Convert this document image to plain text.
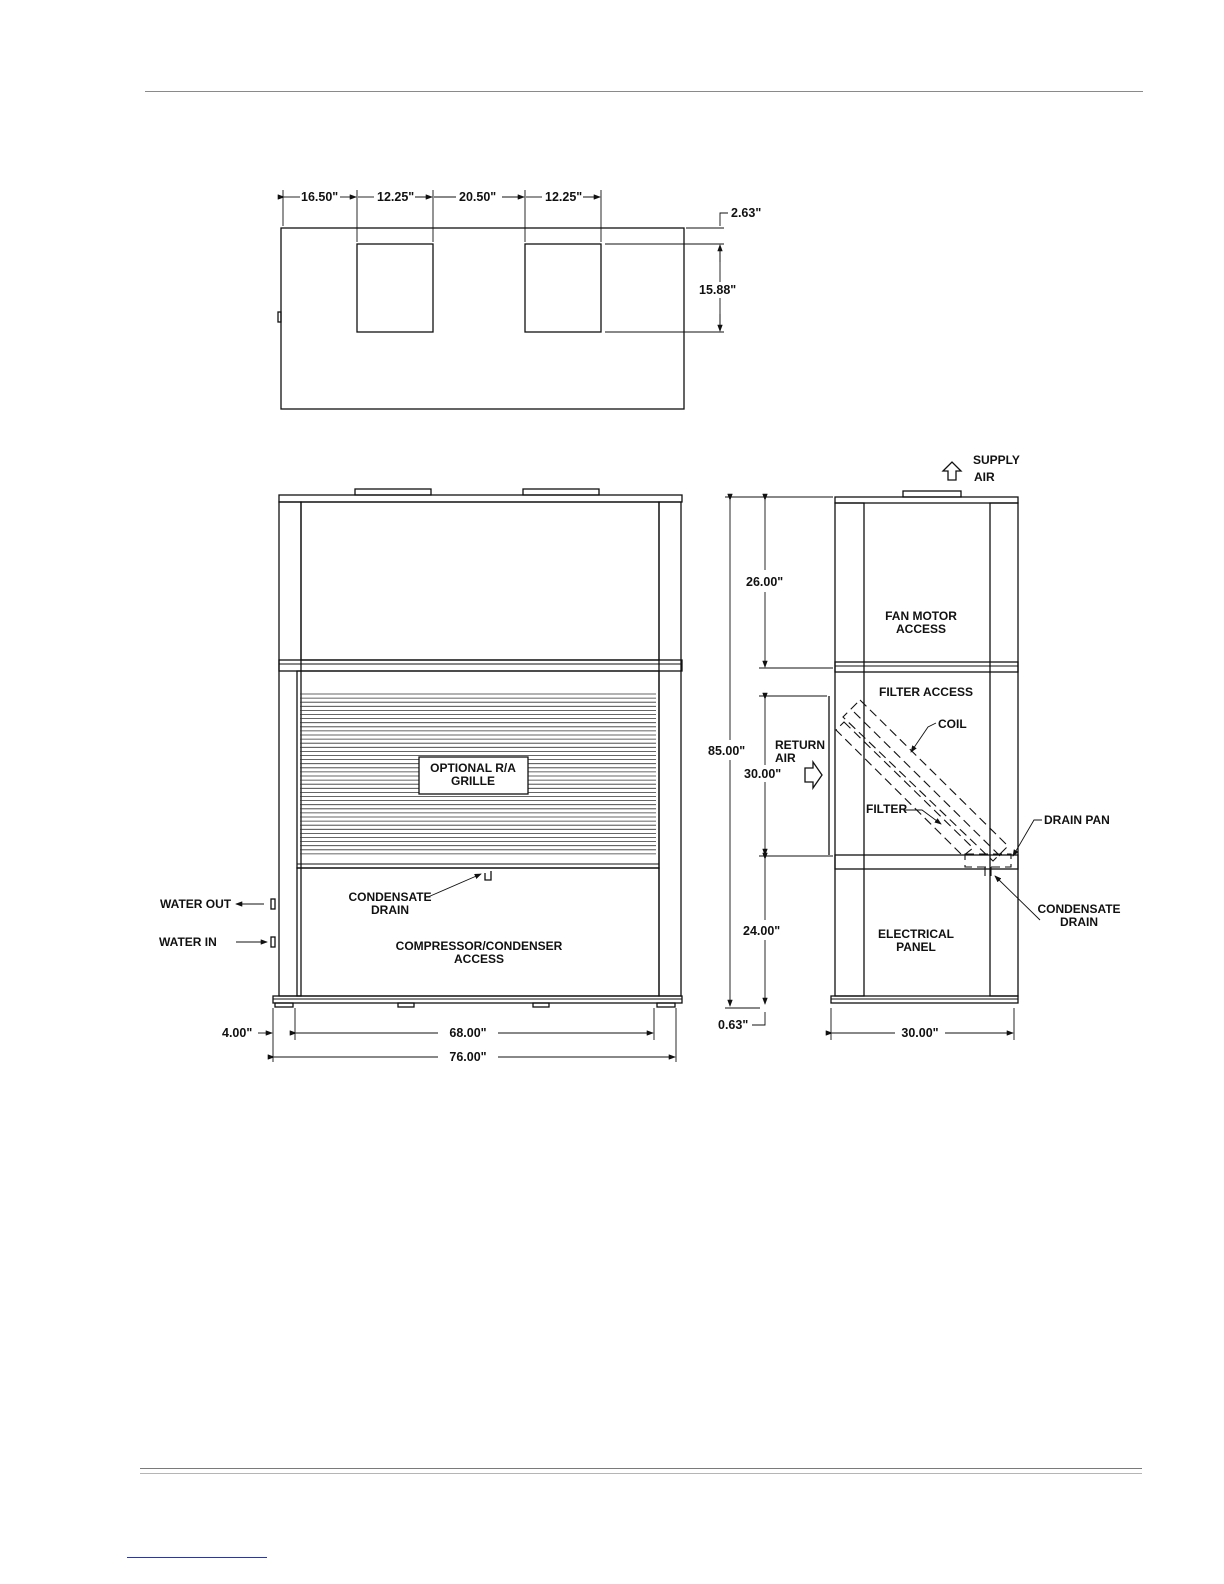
16.50"	12.25"	20.50"	12.25"
2.63"
15.88"
OPTIONAL R/A
GRILLE
CONDENSATE
DRAIN
COMPRESSOR/CONDENSER
ACCESS
WATER OUT
WATER IN
4.00"	68.00"
76.00"
SUPPLY
AIR
COIL
FILTER
DRAIN PAN
CONDENSATE
DRAIN
FAN MOTOR
ACCESS
FILTER ACCESS
ELECTRICAL
PANEL
RETURN
AIR
26.00"
85.00"
30.00"
24.00"
0.63"
30.00"
